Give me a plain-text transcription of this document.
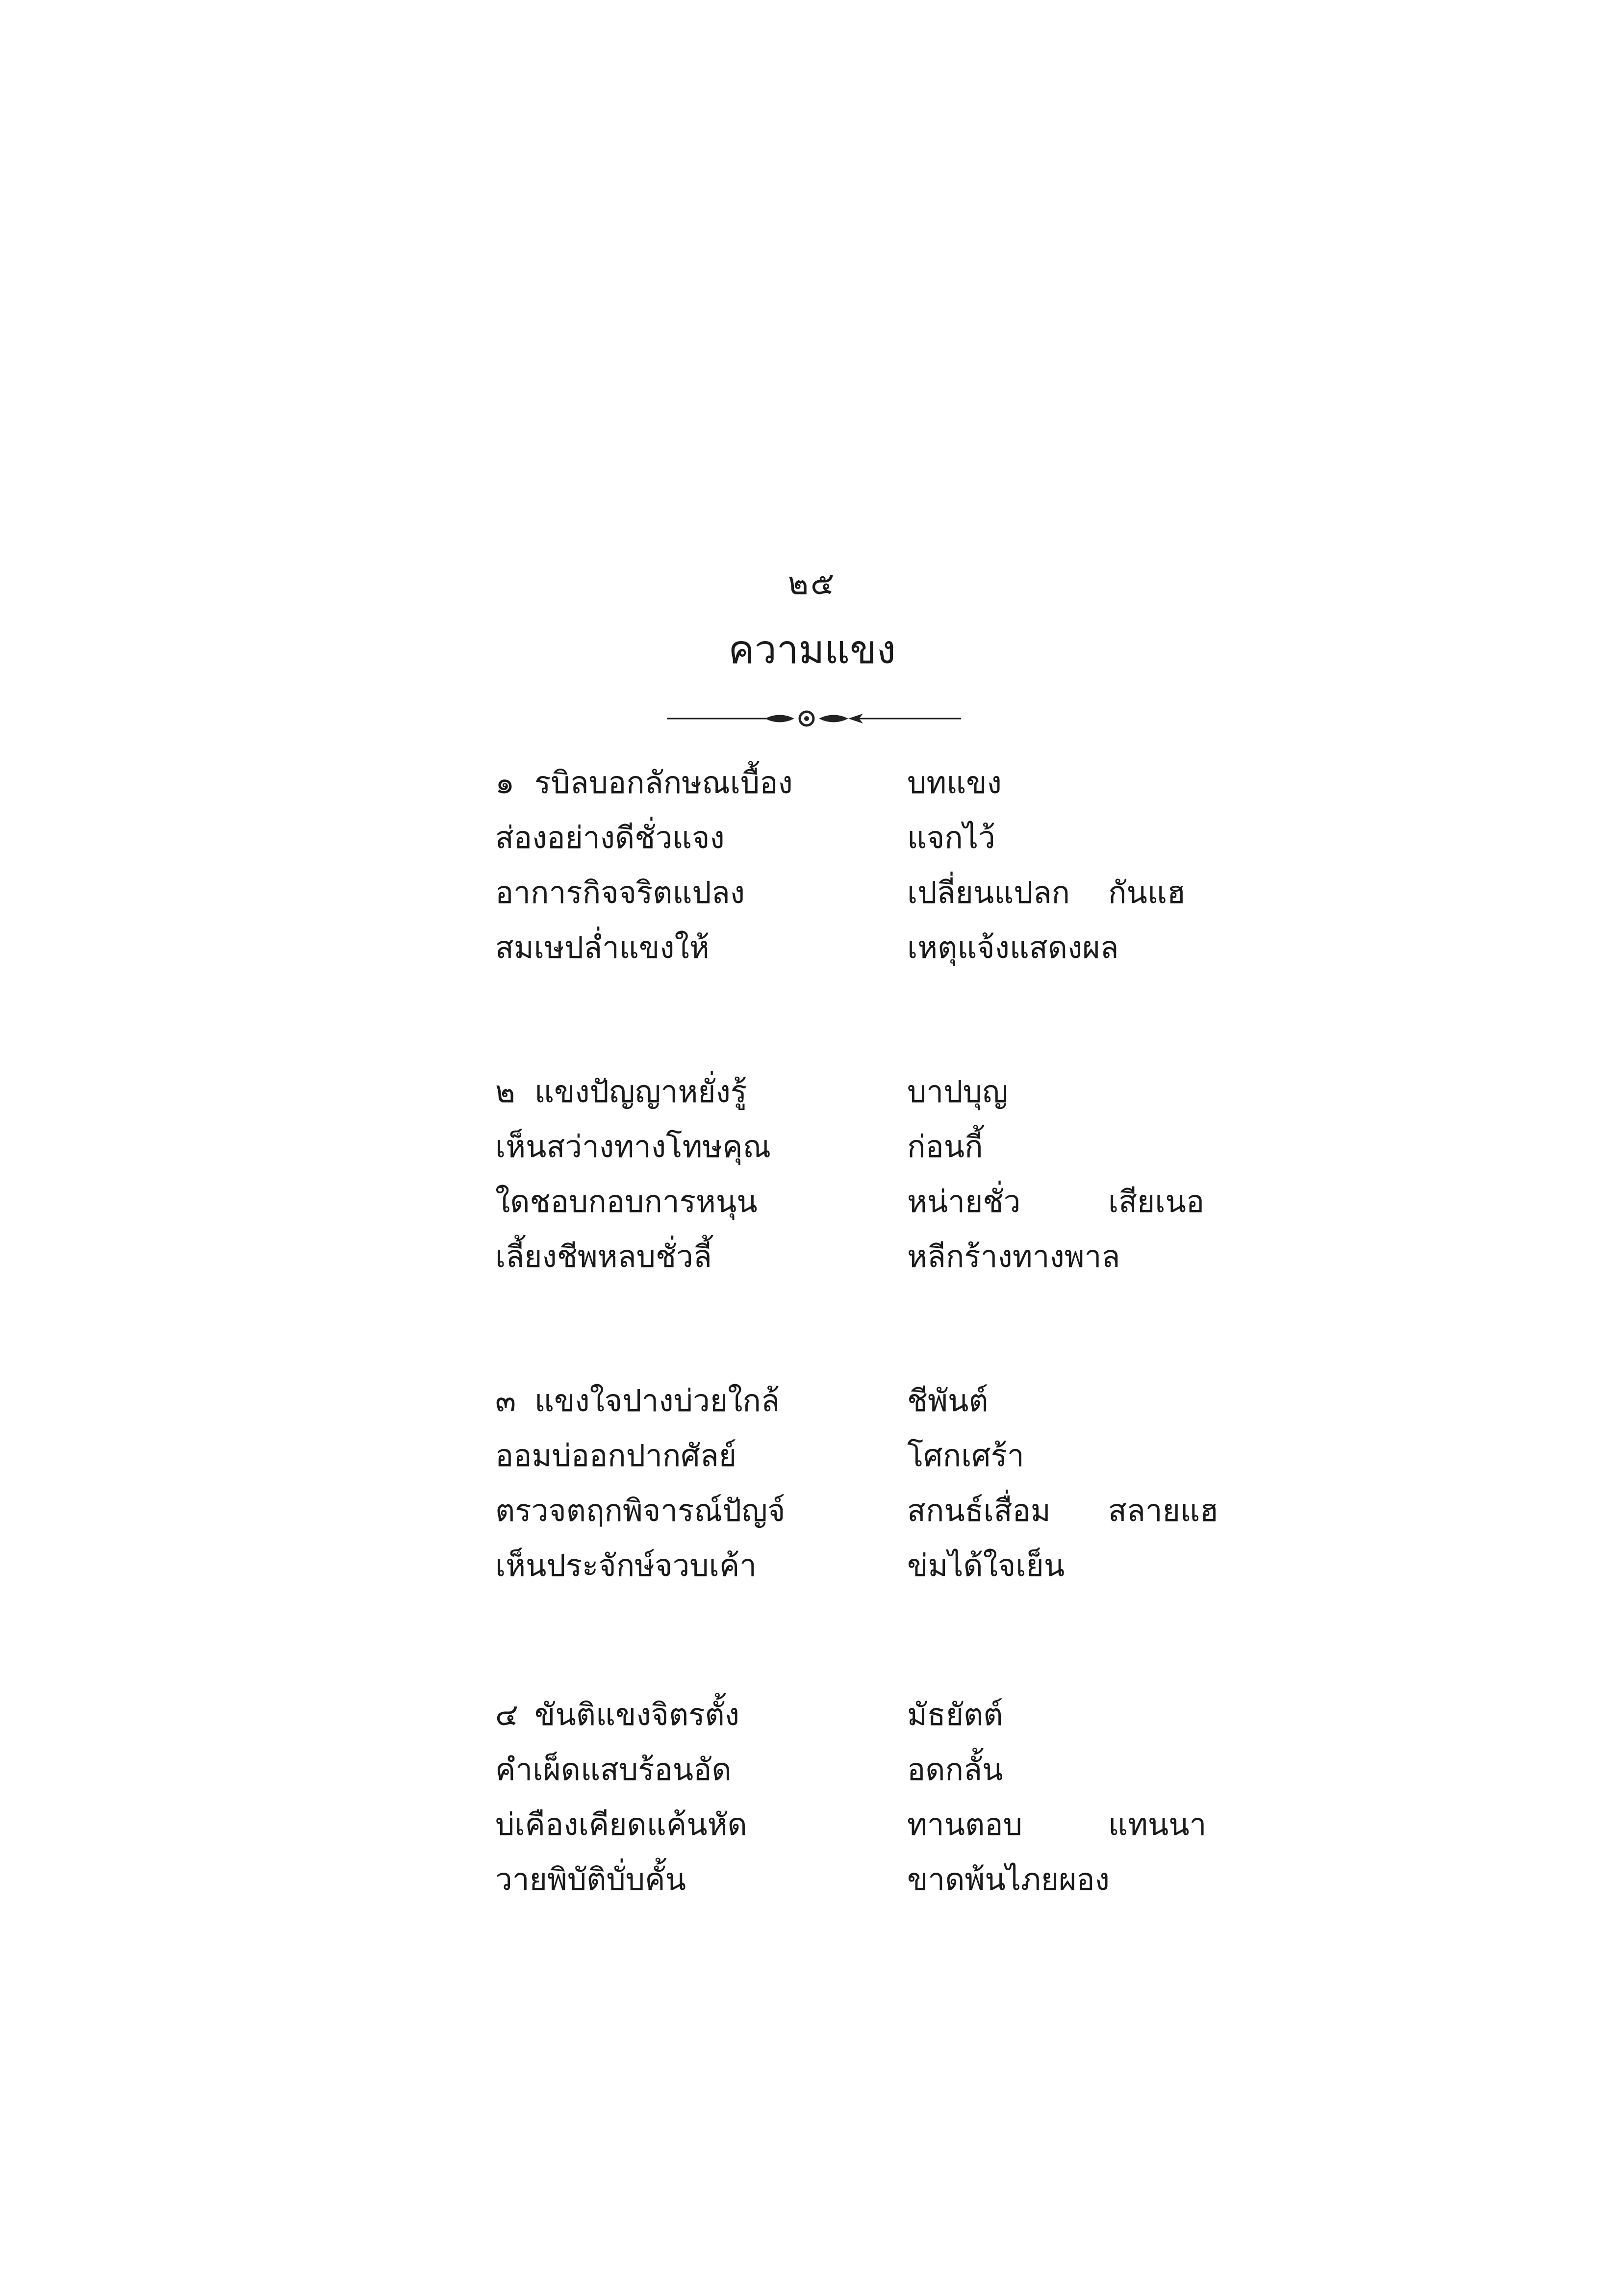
๒๕
ความแขง
๑ รบิลบอกลักษณเบื้อง	บทแขง
ส่องอย่างดีชั่วแจง	แจกไว้
อาการกิจจริตแปลง	เปลี่ยนแปลก กันแฮ
สมเษปล่ำแขงให้	เหตุแจ้งแสดงผล
๒ แขงปัญญาหยั่งรู้	บาปบุญ
เห็นสว่างทางโทษคุณ	ก่อนกี้
ใดชอบกอบการหนุน	หน่ายชั่ว	เสียเนอ
เลี้ยงชีพหลบชั่วลี้	หลีกร้างทางพาล
๓ แขงใจปางบ่วยใกล้	ชีพันต์
ออมบ่ออกปากศัลย์	โศกเศร้า
ตรวจตฤกพิจารณ์ปัญจ์	สกนธ์เสื่อม สลายแฮ
เห็นประจักษ์จวบเค้า	ข่มได้ใจเย็น
๔ ขันติแขงจิตรตั้ง	มัธยัตต์
คำเผ็ดแสบร้อนอัด	อดกลั้น
บ่เคืองเคียดแค้นหัด	ทานตอบ	แทนนา
วายพิบัติบั่บคั้น	ขาดพ้นไภยผอง
